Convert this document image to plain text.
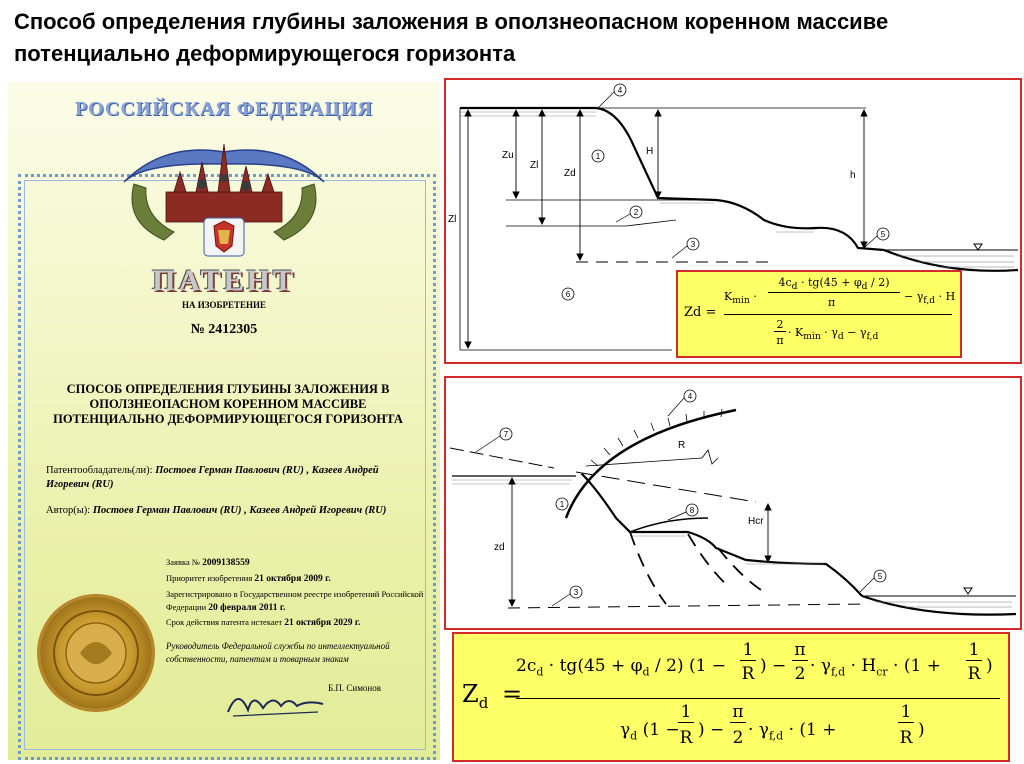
Способ определения глубины заложения в оползнеопасном коренном массиве потенциально деформирующегося горизонта
РОССИЙСКАЯ ФЕДЕРАЦИЯ
ПАТЕНТ
НА ИЗОБРЕТЕНИЕ
№ 2412305
СПОСОБ ОПРЕДЕЛЕНИЯ ГЛУБИНЫ ЗАЛОЖЕНИЯ В ОПОЛЗНЕОПАСНОМ КОРЕННОМ МАССИВЕ ПОТЕНЦИАЛЬНО ДЕФОРМИРУЮЩЕГОСЯ ГОРИЗОНТА
Патентообладатель(ли): Постоев Герман Павлович (RU) , Казеев Андрей Игоревич (RU)
Автор(ы): Постоев Герман Павлович (RU) , Казеев Андрей Игоревич (RU)
Заявка № 2009138559
Приоритет изобретения 21 октября 2009 г.
Зарегистрировано в Государственном реестре изобретений Российской Федерации 20 февраля 2011 г.
Срок действия патента истекает 21 октября 2029 г.
Руководитель Федеральной службы по интеллектуальной собственности, патентам и товарным знакам
Б.П. Симонов
4
1
2
3
5
6
Zl
Zu
Zl
Zd
H
h
Zd =
$K_{min}$ ·
$4c_d \cdot tg(45 + \varphi_d / 2)$
π	− $\gamma_{f,d} \cdot H$
2
π
· $K_{min} \cdot \gamma_d - \gamma_{f,d}$
4
7
1
8
3
5
R
Hcr
zd
$Z_d$ =
$2c_d \cdot tg(45 + \varphi_d / 2) (1$ −
1
R ) −
π
$2 \cdot \gamma_{f,d} \cdot H_{cr} \cdot (1$ +
1
R )
$\gamma_d$ (1 −
1
R ) −
π
$2 \cdot \gamma_{f,d} \cdot (1$ +
1
R )
